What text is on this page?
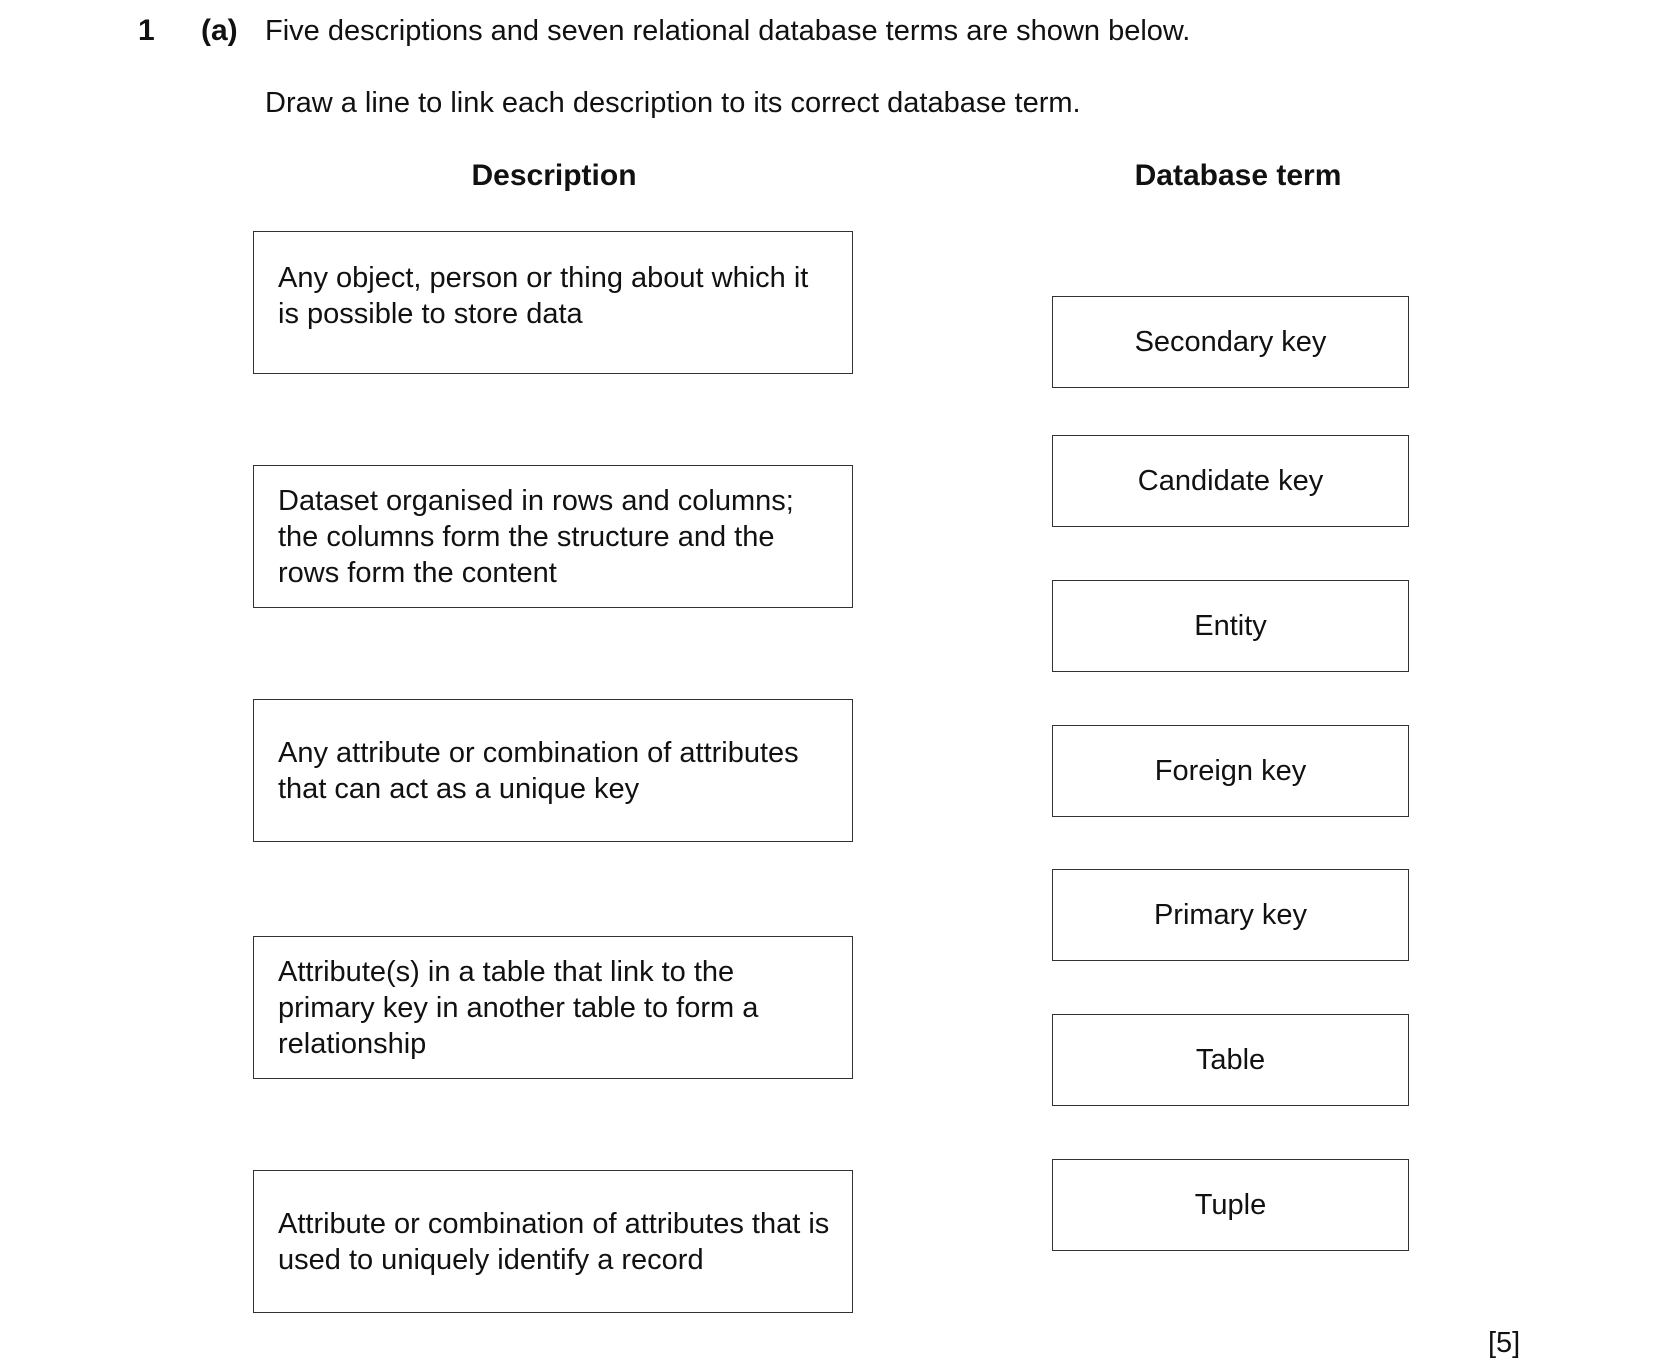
1 (a) Five descriptions and seven relational database terms are shown below.
Draw a line to link each description to its correct database term.
Description	Database term
Any object, person or thing about which it is possible to store data
Dataset organised in rows and columns; the columns form the structure and the rows form the content
Any attribute or combination of attributes that can act as a unique key
Attribute(s) in a table that link to the primary key in another table to form a relationship
Attribute or combination of attributes that is used to uniquely identify a record
Secondary key
Candidate key
Entity
Foreign key
Primary key
Table
Tuple
[5]
